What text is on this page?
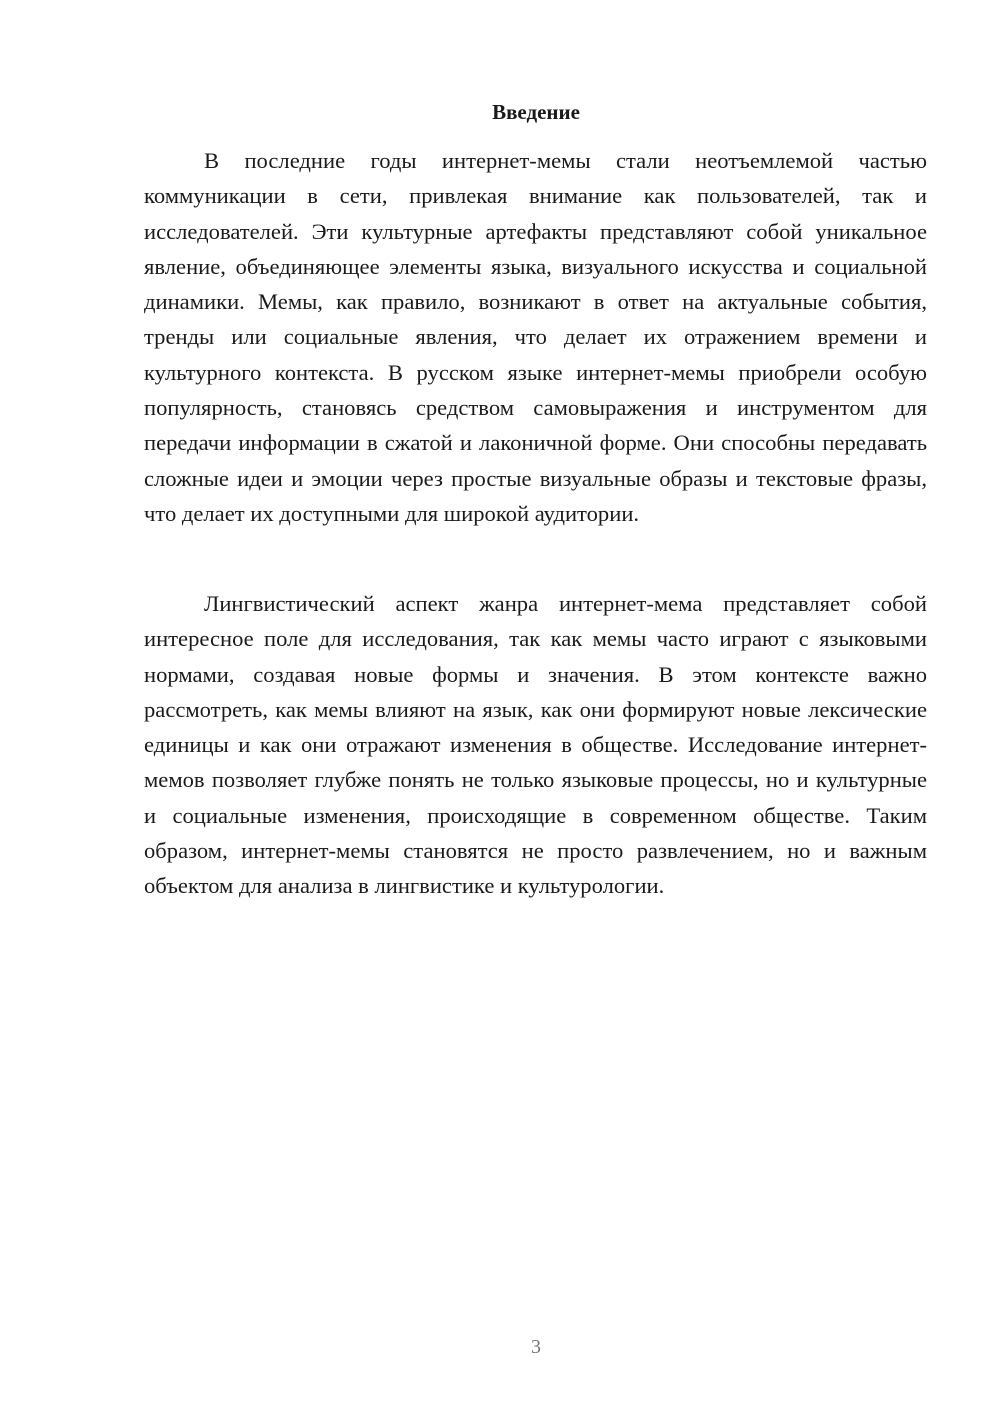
Введение

В последние годы интернет-мемы стали неотъемлемой частью коммуникации в сети, привлекая внимание как пользователей, так и исследователей. Эти культурные артефакты представляют собой уникальное явление, объединяющее элементы языка, визуального искусства и социальной динамики. Мемы, как правило, возникают в ответ на актуальные события, тренды или социальные явления, что делает их отражением времени и культурного контекста. В русском языке интернет-мемы приобрели особую популярность, становясь средством самовыражения и инструментом для передачи информации в сжатой и лаконичной форме. Они способны передавать сложные идеи и эмоции через простые визуальные образы и текстовые фразы, что делает их доступными для широкой аудитории.

Лингвистический аспект жанра интернет-мема представляет собой интересное поле для исследования, так как мемы часто играют с языковыми нормами, создавая новые формы и значения. В этом контексте важно рассмотреть, как мемы влияют на язык, как они формируют новые лексические единицы и как они отражают изменения в обществе. Исследование интернет-мемов позволяет глубже понять не только языковые процессы, но и культурные и социальные изменения, происходящие в современном обществе. Таким образом, интернет-мемы становятся не просто развлечением, но и важным объектом для анализа в лингвистике и культурологии.

3
